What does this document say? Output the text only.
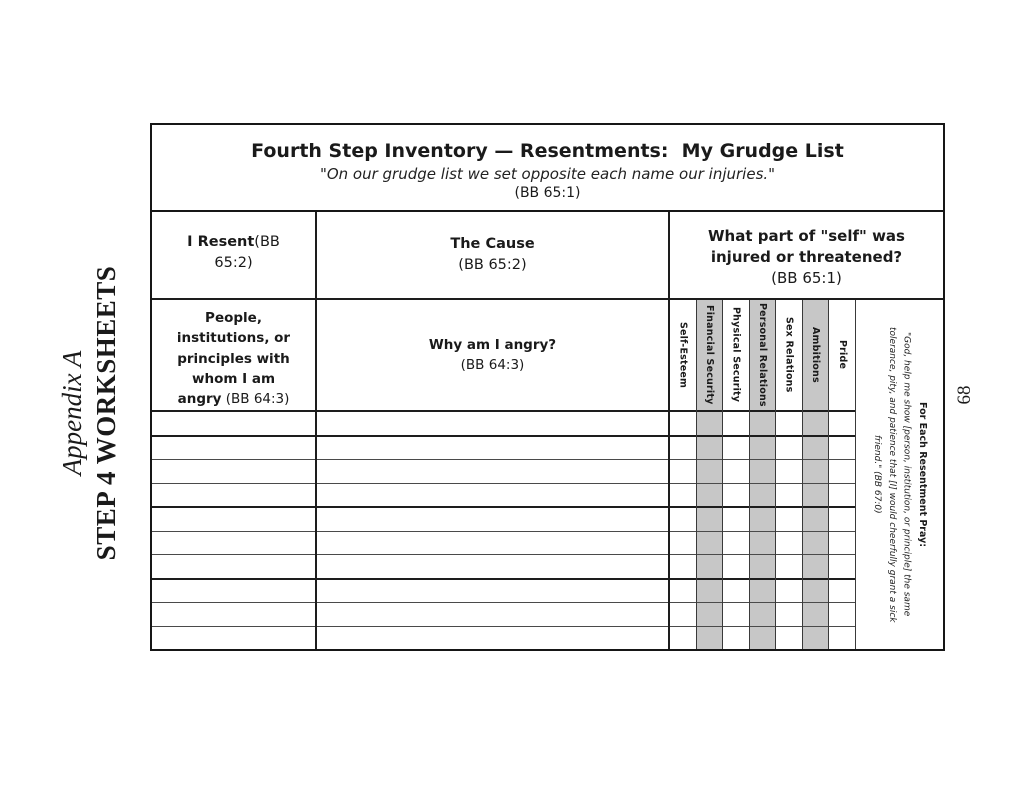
Appendix A STEP 4 WORKSHEETS	68
Fourth Step Inventory — Resentments:  My Grudge List
"On our grudge list we set opposite each name our injuries."
(BB 65:1)
I Resent(BB 65:2)
People, institutions, or principles with whom I am angry (BB 64:3)
The Cause
(BB 65:2)
Why am I angry?
(BB 64:3)
What part of "self" was injured or threatened?(BB 65:1)
Self-Esteem Financial Security Physical Security Personal Relations Sex Relations Ambitions Pride
For Each Resentment Pray:
"God, help me show [person, institution, or principle] the same tolerance, pity, and patience that [I] would cheerfully grant a sick friend." (BB 67:0)
